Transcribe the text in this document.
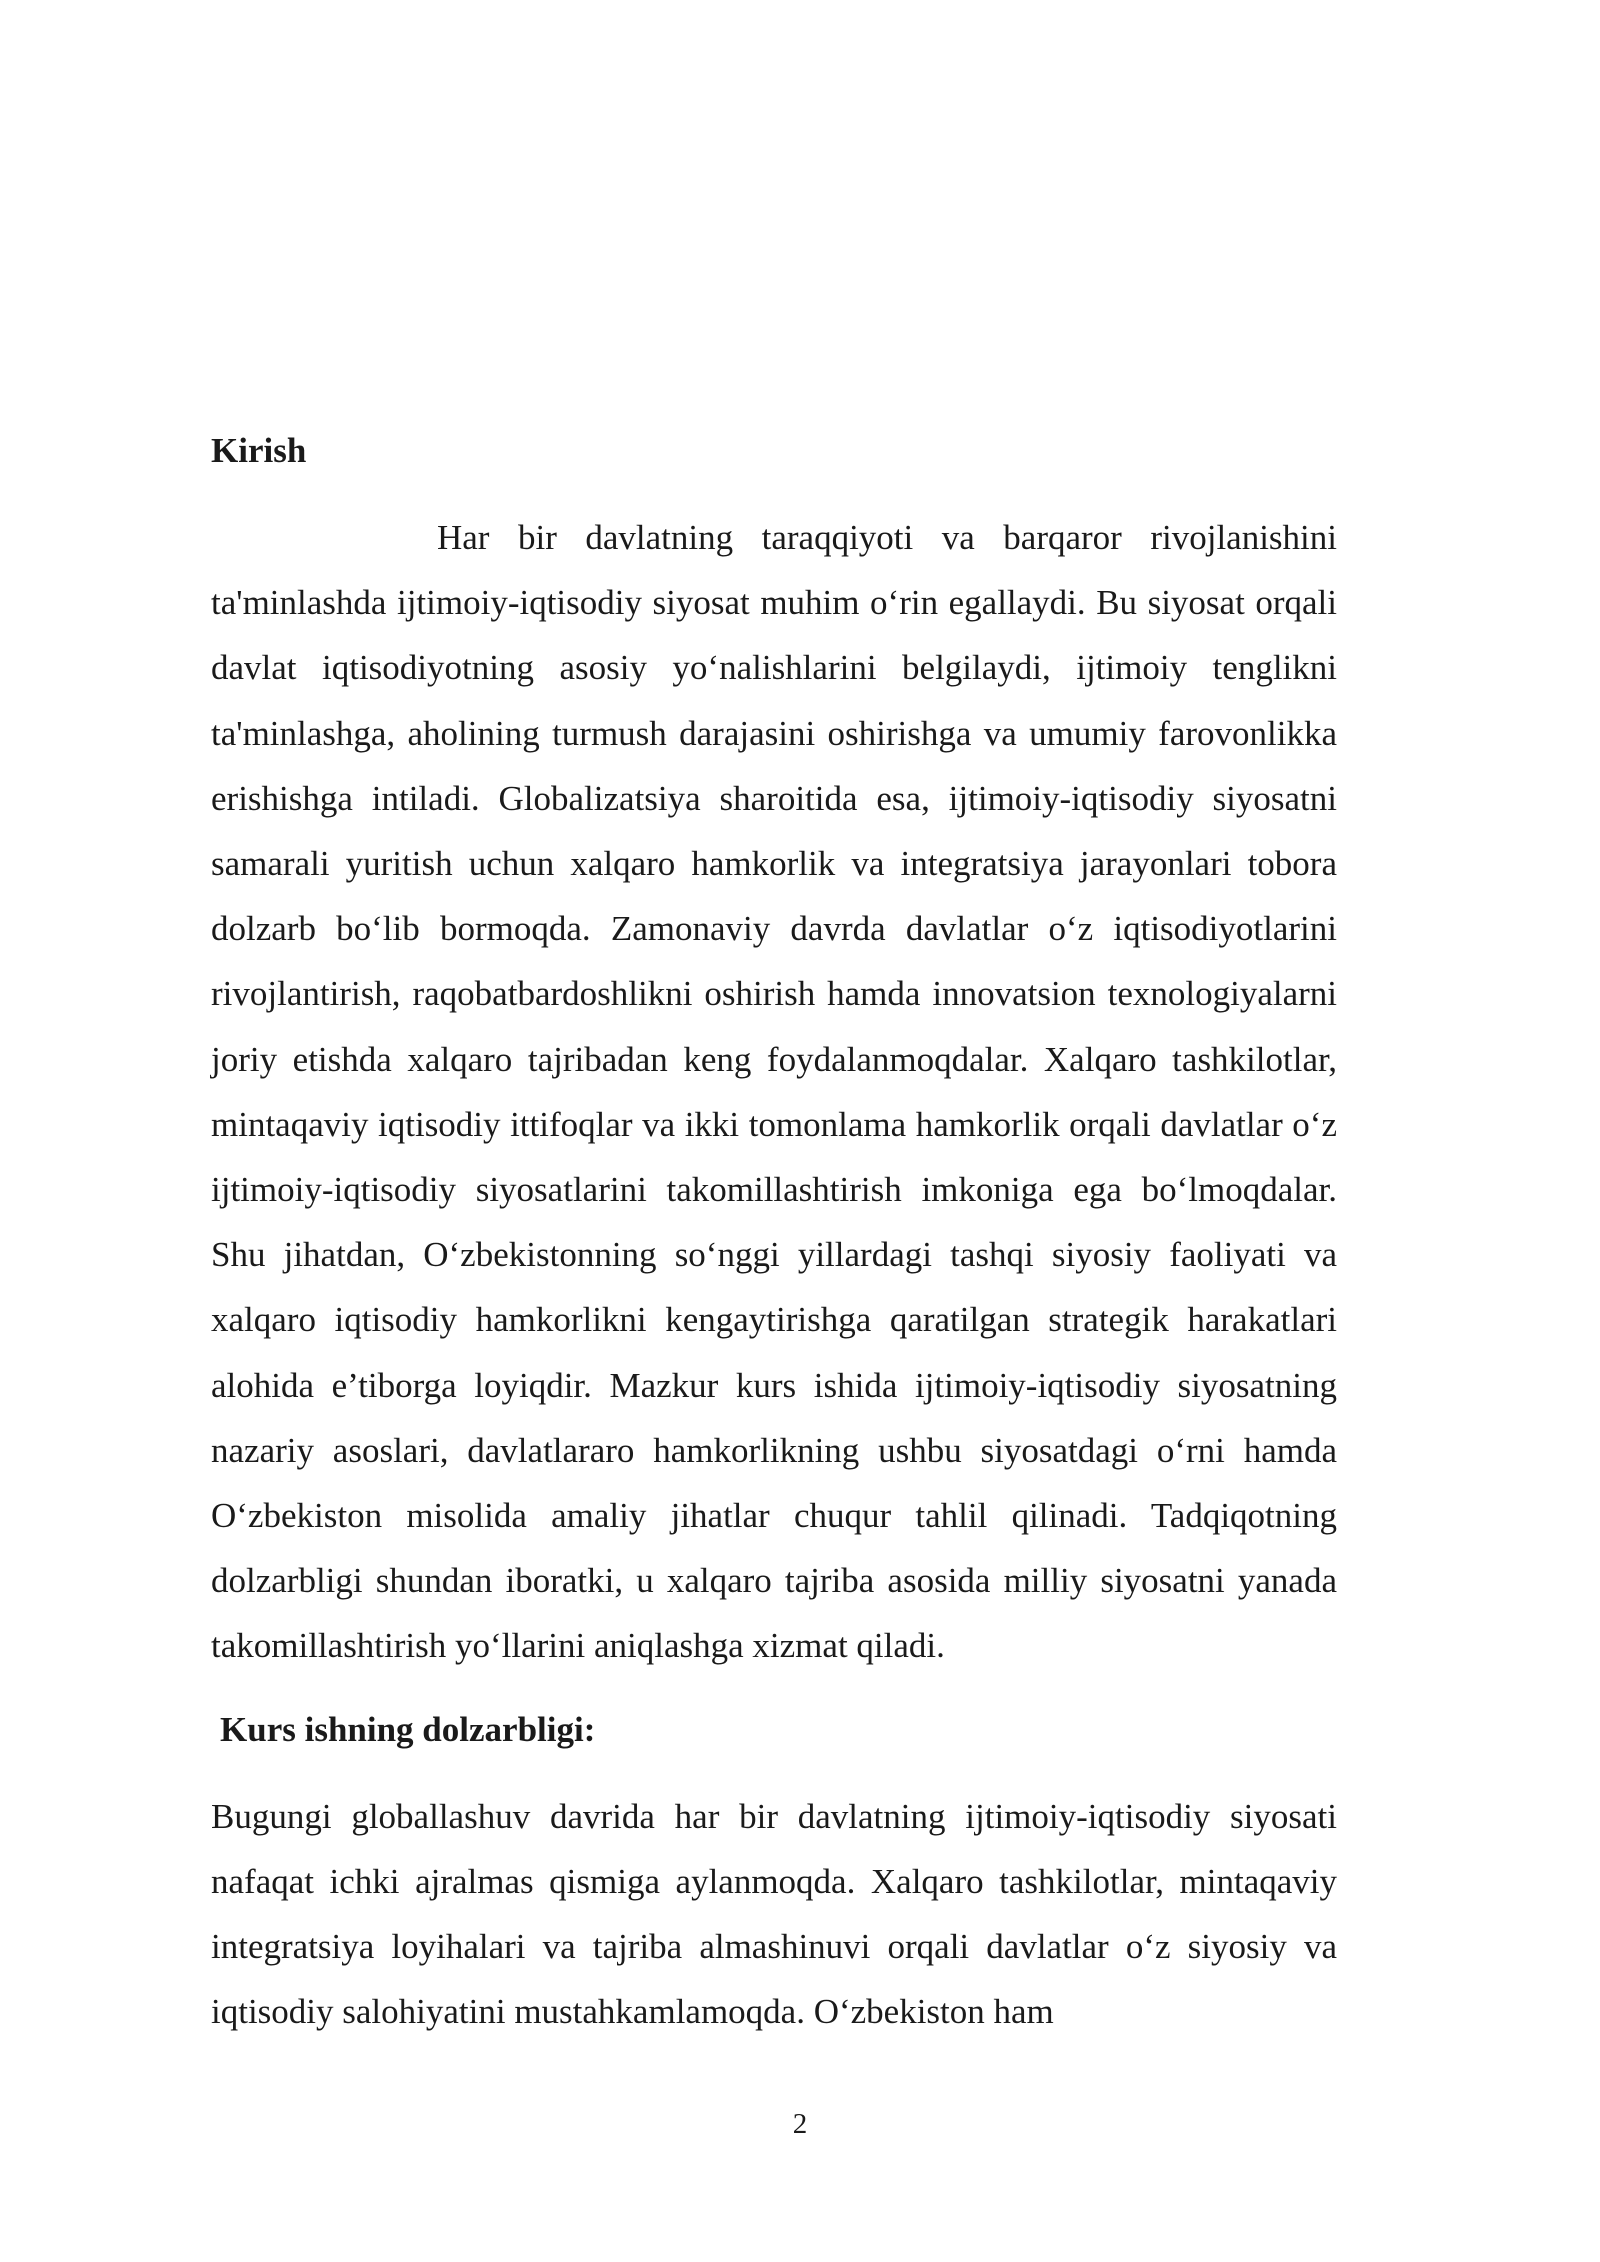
Kirish

Har bir davlatning taraqqiyoti va barqaror rivojlanishini ta'minlashda ijtimoiy-iqtisodiy siyosat muhim o‘rin egallaydi. Bu siyosat orqali davlat iqtisodiyotning asosiy yo‘nalishlarini belgilaydi, ijtimoiy tenglikni ta'minlashga, aholining turmush darajasini oshirishga va umumiy farovonlikka erishishga intiladi. Globalizatsiya sharoitida esa, ijtimoiy-iqtisodiy siyosatni samarali yuritish uchun xalqaro hamkorlik va integratsiya jarayonlari tobora dolzarb bo‘lib bormoqda. Zamonaviy davrda davlatlar o‘z iqtisodiyotlarini rivojlantirish, raqobatbardoshlikni oshirish hamda innovatsion texnologiyalarni joriy etishda xalqaro tajribadan keng foydalanmoqdalar. Xalqaro tashkilotlar, mintaqaviy iqtisodiy ittifoqlar va ikki tomonlama hamkorlik orqali davlatlar o‘z ijtimoiy-iqtisodiy siyosatlarini takomillashtirish imkoniga ega bo‘lmoqdalar. Shu jihatdan, O‘zbekistonning so‘nggi yillardagi tashqi siyosiy faoliyati va xalqaro iqtisodiy hamkorlikni kengaytirishga qaratilgan strategik harakatlari alohida e’tiborga loyiqdir. Mazkur kurs ishida ijtimoiy-iqtisodiy siyosatning nazariy asoslari, davlatlararo hamkorlikning ushbu siyosatdagi o‘rni hamda O‘zbekiston misolida amaliy jihatlar chuqur tahlil qilinadi. Tadqiqotning dolzarbligi shundan iboratki, u xalqaro tajriba asosida milliy siyosatni yanada takomillashtirish yo‘llarini aniqlashga xizmat qiladi.

Kurs ishning dolzarbligi:

Bugungi globallashuv davrida har bir davlatning ijtimoiy-iqtisodiy siyosati nafaqat ichki ajralmas qismiga aylanmoqda. Xalqaro tashkilotlar, mintaqaviy integratsiya loyihalari va tajriba almashinuvi orqali davlatlar o‘z siyosiy va iqtisodiy salohiyatini mustahkamlamoqda. O‘zbekiston ham

2
